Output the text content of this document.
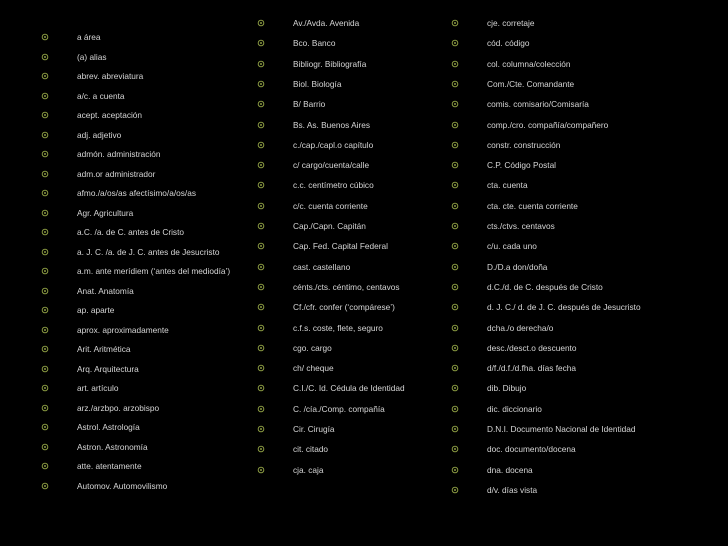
a área
(a) alias
abrev. abreviatura
a/c. a cuenta
acept. aceptación
adj. adjetivo
admón. administración
adm.or administrador
afmo./a/os/as afectísimo/a/os/as
Agr. Agricultura
a.C. /a. de C. antes de Cristo
a. J. C. /a. de J. C. antes de Jesucristo
a.m. ante merídiem (‘antes del mediodía’)
Anat. Anatomía
ap. aparte
aprox. aproximadamente
Arit. Aritmética
Arq. Arquitectura
art. artículo
arz./arzbpo. arzobispo
Astrol. Astrología
Astron. Astronomía
atte. atentamente
Automov. Automovilismo
Av./Avda. Avenida
Bco. Banco
Bibliogr. Bibliografía
Biol. Biología
B/ Barrio
Bs. As. Buenos Aires
c./cap./capl.o capítulo
c/ cargo/cuenta/calle
c.c. centímetro cúbico
c/c. cuenta corriente
Cap./Capn. Capitán
Cap. Fed. Capital Federal
cast. castellano
cénts./cts. céntimo, centavos
Cf./cfr. confer (‘compárese’)
c.f.s. coste, flete, seguro
cgo. cargo
ch/ cheque
C.I./C. Id. Cédula de Identidad
C. /cía./Comp. compañía
Cir. Cirugía
cit. citado
cja. caja
cje. corretaje
cód. código
col. columna/colección
Com./Cte. Comandante
comis. comisario/Comisaría
comp./cro. compañía/compañero
constr. construcción
C.P. Código Postal
cta. cuenta
cta. cte. cuenta corriente
cts./ctvs. centavos
c/u. cada uno
D./D.a don/doña
d.C./d. de C. después de Cristo
d. J. C./ d. de J. C. después de Jesucristo
dcha./o derecha/o
desc./desct.o descuento
d/f./d.f./d.fha. días fecha
dib. Dibujo
dic. diccionario
D.N.I. Documento Nacional de Identidad
doc. documento/docena
dna. docena
d/v. días vista
